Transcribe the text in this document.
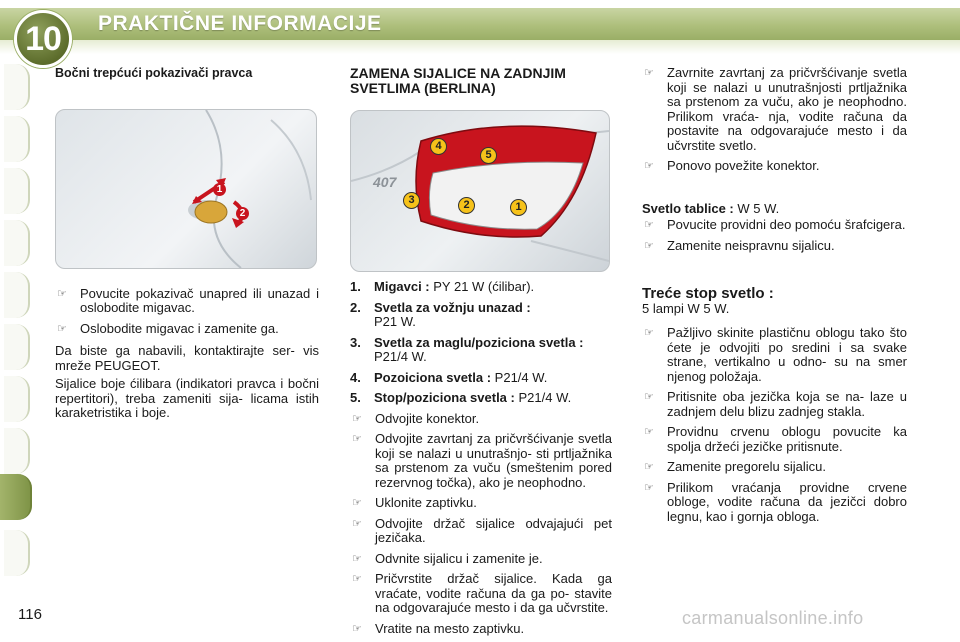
10	PRAKTIČNE INFORMACIJE
Bočni trepćući pokazivači pravca
☞ Povucite pokazivač unapred ili unazad i oslobodite migavac.
☞ Oslobodite migavac i zamenite ga.
Da biste ga nabavili, kontaktirajte ser- vis mreže PEUGEOT.
Sijalice boje ćilibara (indikatori pravca i bočni repertitori), treba zameniti sija- licama istih karaketristika i boje.
ZAMENA SIJALICE NA ZADNJIM SVETLIMA (BERLINA)
407
1.	Migavci : PY 21 W (ćilibar).
2.	Svetla za vožnju unazad :
P21 W.
3.	Svetla za maglu/poziciona svetla : P21/4 W.
4.	Pozoiciona svetla : P21/4 W.
5.	Stop/poziciona svetla : P21/4 W.
☞ Odvojite konektor.
☞ Odvojite zavrtanj za pričvršćivanje svetla koji se nalazi u unutrašnjo- sti prtljažnika sa prstenom za vuču (smeštenim pored rezervnog točka), ako je neophodno.
☞ Uklonite zaptivku.
☞ Odvojite držač sijalice odvajajući pet jezičaka.
☞ Odvnite sijalicu i zamenite je.
☞ Pričvrstite držač sijalice. Kada ga vraćate, vodite računa da ga po- stavite na odgovarajuće mesto i da ga učvrstite.
☞ Vratite na mesto zaptivku.
☞ Zavrnite zavrtanj za pričvršćivanje svetla koji se nalazi u unutrašnjosti prtljažnika sa prstenom za vuču, ako je neophodno. Prilikom vraća- nja, vodite računa da postavite na odgovarajuće mesto i da učvrstite svetlo.
☞ Ponovo povežite konektor.
Svetlo tablice : W 5 W.
☞ Povucite providni deo pomoću šrafcigera.
☞ Zamenite neispravnu sijalicu.
Treće stop svetlo :
5 lampi W 5 W.
☞ Pažljivo skinite plastičnu oblogu tako što ćete je odvojiti po sredini i sa svake strane, vertikalno u odno- su na smer njenog položaja.
☞ Pritisnite oba jezička koja se na- laze u zadnjem delu blizu zadnjeg stakla.
☞ Providnu crvenu oblogu povucite ka spolja držeći jezičke pritisnute.
☞ Zamenite pregorelu sijalicu.
☞ Prilikom vraćanja providne crvene obloge, vodite računa da jezičci dobro legnu, kao i gornja obloga.
1
2
4
5
3	2	1
116	carmanualsonline.info
